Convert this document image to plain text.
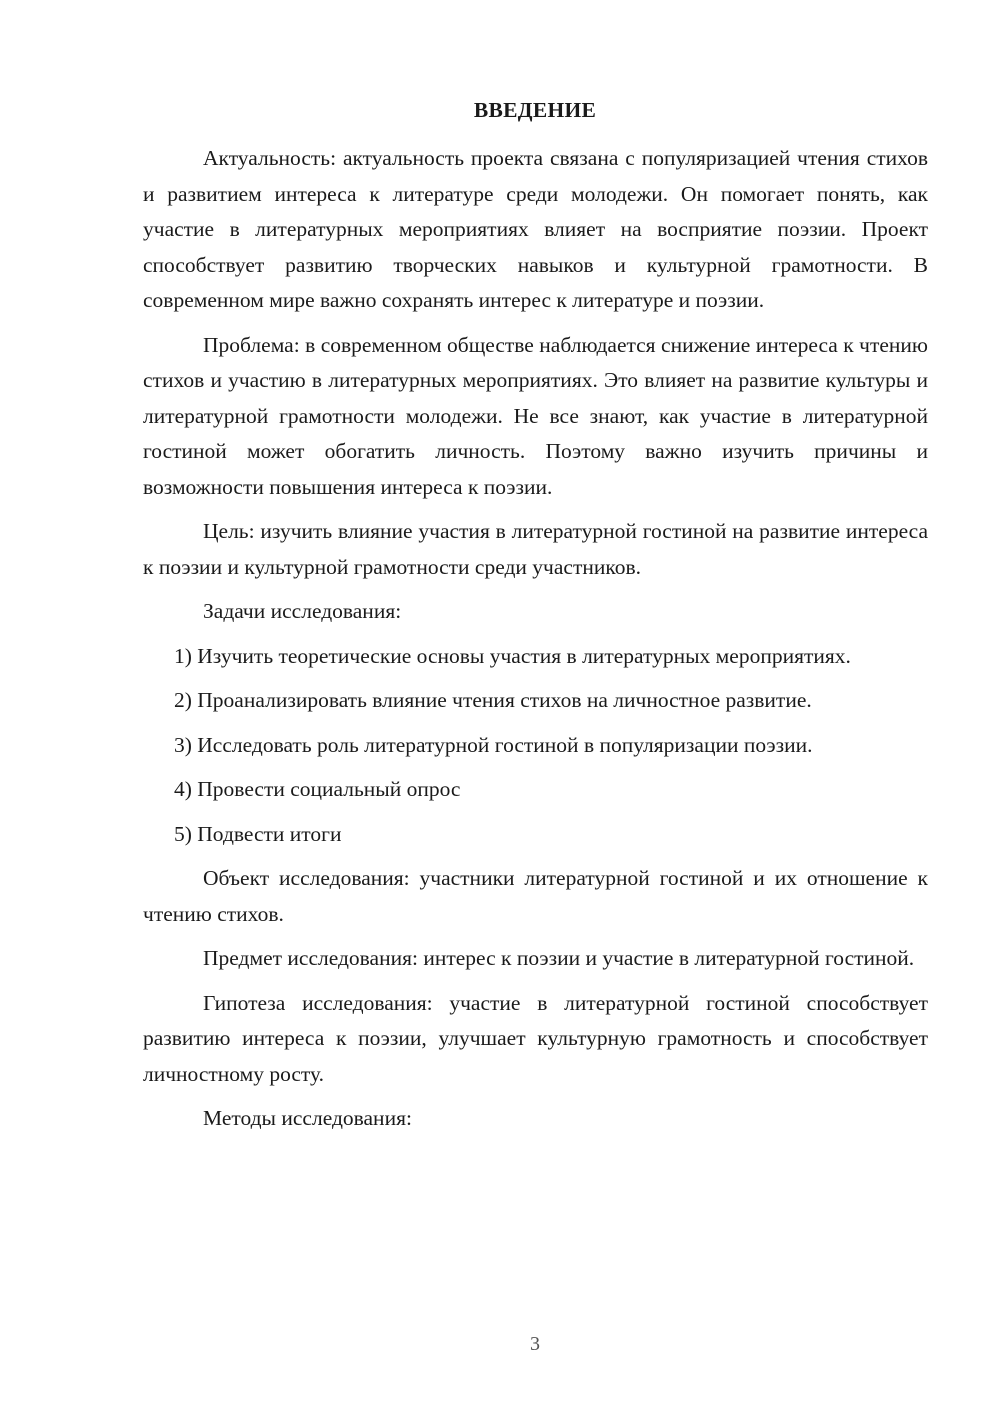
ВВЕДЕНИЕ

Актуальность: актуальность проекта связана с популяризацией чтения стихов и развитием интереса к литературе среди молодежи. Он помогает понять, как участие в литературных мероприятиях влияет на восприятие поэзии. Проект способствует развитию творческих навыков и культурной грамотности. В современном мире важно сохранять интерес к литературе и поэзии.

Проблема: в современном обществе наблюдается снижение интереса к чтению стихов и участию в литературных мероприятиях. Это влияет на развитие культуры и литературной грамотности молодежи. Не все знают, как участие в литературной гостиной может обогатить личность. Поэтому важно изучить причины и возможности повышения интереса к поэзии.

Цель: изучить влияние участия в литературной гостиной на развитие интереса к поэзии и культурной грамотности среди участников.

Задачи исследования:

1) Изучить теоретические основы участия в литературных мероприятиях.

2) Проанализировать влияние чтения стихов на личностное развитие.

3) Исследовать роль литературной гостиной в популяризации поэзии.

4) Провести социальный опрос

5) Подвести итоги

Объект исследования: участники литературной гостиной и их отношение к чтению стихов.

Предмет исследования: интерес к поэзии и участие в литературной гостиной.

Гипотеза исследования: участие в литературной гостиной способствует развитию интереса к поэзии, улучшает культурную грамотность и способствует личностному росту.

Методы исследования:

3
